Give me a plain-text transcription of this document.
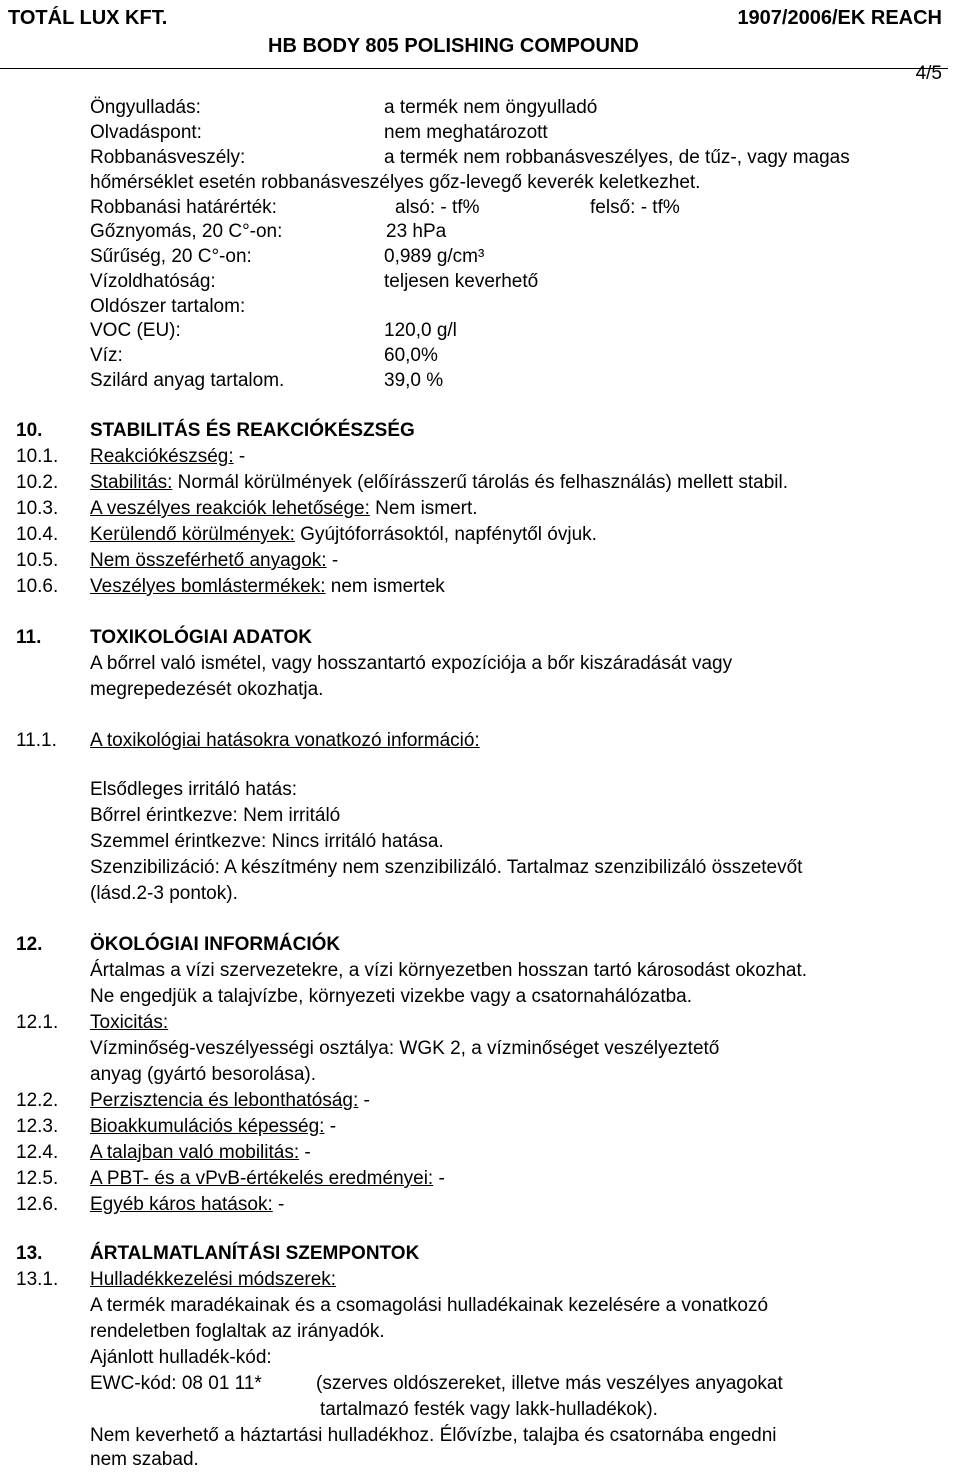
TOTÁL LUX KFT.	1907/2006/EK REACH
HB BODY 805 POLISHING COMPOUND
4/5
Öngyulladás:	a termék nem öngyulladó
Olvadáspont:	nem meghatározott
Robbanásveszély:	a termék nem robbanásveszélyes, de tűz-, vagy magas
hőmérséklet esetén robbanásveszélyes gőz-levegő keverék keletkezhet.
Robbanási határérték:	alsó: - tf%	felső: - tf%
Gőznyomás, 20 C°-on:	23 hPa
Sűrűség, 20 C°-on:	0,989 g/cm³
Vízoldhatóság:	teljesen keverhető
Oldószer tartalom:
VOC (EU):	120,0 g/l
Víz:	60,0%
Szilárd anyag tartalom.	39,0 %
10.	STABILITÁS ÉS REAKCIÓKÉSZSÉG
10.1. Reakciókészség: -
10.2. Stabilitás: Normál körülmények (előírásszerű tárolás és felhasználás) mellett stabil.
10.3. A veszélyes reakciók lehetősége: Nem ismert.
10.4. Kerülendő körülmények: Gyújtóforrásoktól, napfénytől óvjuk.
10.5. Nem összeférhető anyagok: -
10.6. Veszélyes bomlástermékek: nem ismertek
11.	TOXIKOLÓGIAI ADATOK
A bőrrel való ismétel, vagy hosszantartó expozíciója a bőr kiszáradását vagy
megrepedezését okozhatja.
11.1. A toxikológiai hatásokra vonatkozó információ:
Elsődleges irritáló hatás:
Bőrrel érintkezve: Nem irritáló
Szemmel érintkezve: Nincs irritáló hatása.
Szenzibilizáció: A készítmény nem szenzibilizáló. Tartalmaz szenzibilizáló összetevőt
(lásd.2-3 pontok).
12.	ÖKOLÓGIAI INFORMÁCIÓK
Ártalmas a vízi szervezetekre, a vízi környezetben hosszan tartó károsodást okozhat.
Ne engedjük a talajvízbe, környezeti vizekbe vagy a csatornahálózatba.
12.1. Toxicitás:
Vízminőség-veszélyességi osztálya: WGK 2, a vízminőséget veszélyeztető
anyag (gyártó besorolása).
12.2. Perzisztencia és lebonthatóság: -
12.3. Bioakkumulációs képesség: -
12.4. A talajban való mobilitás: -
12.5. A PBT- és a vPvB-értékelés eredményei: -
12.6. Egyéb káros hatások: -
13.	ÁRTALMATLANÍTÁSI SZEMPONTOK
13.1. Hulladékkezelési módszerek:
A termék maradékainak és a csomagolási hulladékainak kezelésére a vonatkozó
rendeletben foglaltak az irányadók.
Ajánlott hulladék-kód:
EWC-kód: 08 01 11*	(szerves oldószereket, illetve más veszélyes anyagokat
tartalmazó festék vagy lakk-hulladékok).
Nem keverhető a háztartási hulladékhoz. Élővízbe, talajba és csatornába engedni
nem szabad.
